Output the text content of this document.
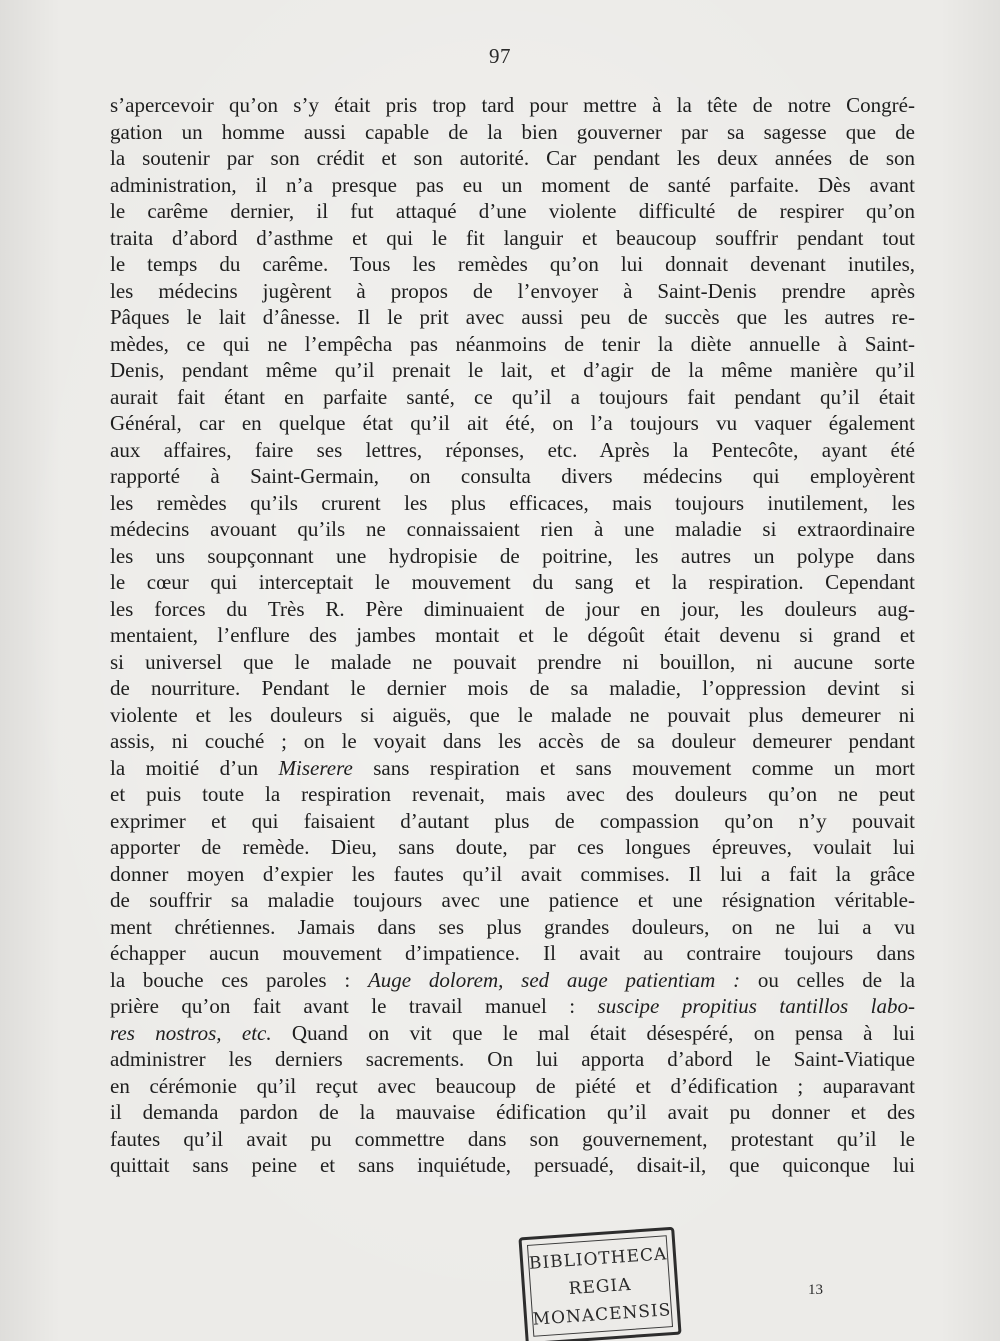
97
s’apercevoir qu’on s’y était pris trop tard pour mettre à la tête de notre Congré-
gation un homme aussi capable de la bien gouverner par sa sagesse que de
la soutenir par son crédit et son autorité. Car pendant les deux années de son
administration, il n’a presque pas eu un moment de santé parfaite. Dès avant
le carême dernier, il fut attaqué d’une violente difficulté de respirer qu’on
traita d’abord d’asthme et qui le fit languir et beaucoup souffrir pendant tout
le temps du carême. Tous les remèdes qu’on lui donnait devenant inutiles,
les médecins jugèrent à propos de l’envoyer à Saint-Denis prendre après
Pâques le lait d’ânesse. Il le prit avec aussi peu de succès que les autres re-
mèdes, ce qui ne l’empêcha pas néanmoins de tenir la diète annuelle à Saint-
Denis, pendant même qu’il prenait le lait, et d’agir de la même manière qu’il
aurait fait étant en parfaite santé, ce qu’il a toujours fait pendant qu’il était
Général, car en quelque état qu’il ait été, on l’a toujours vu vaquer également
aux affaires, faire ses lettres, réponses, etc. Après la Pentecôte, ayant été
rapporté à Saint-Germain, on consulta divers médecins qui employèrent
les remèdes qu’ils crurent les plus efficaces, mais toujours inutilement, les
médecins avouant qu’ils ne connaissaient rien à une maladie si extraordinaire
les uns soupçonnant une hydropisie de poitrine, les autres un polype dans
le cœur qui interceptait le mouvement du sang et la respiration. Cependant
les forces du Très R. Père diminuaient de jour en jour, les douleurs aug-
mentaient, l’enflure des jambes montait et le dégoût était devenu si grand et
si universel que le malade ne pouvait prendre ni bouillon, ni aucune sorte
de nourriture. Pendant le dernier mois de sa maladie, l’oppression devint si
violente et les douleurs si aiguës, que le malade ne pouvait plus demeurer ni
assis, ni couché ; on le voyait dans les accès de sa douleur demeurer pendant
la moitié d’un Miserere sans respiration et sans mouvement comme un mort
et puis toute la respiration revenait, mais avec des douleurs qu’on ne peut
exprimer et qui faisaient d’autant plus de compassion qu’on n’y pouvait
apporter de remède. Dieu, sans doute, par ces longues épreuves, voulait lui
donner moyen d’expier les fautes qu’il avait commises. Il lui a fait la grâce
de souffrir sa maladie toujours avec une patience et une résignation véritable-
ment chrétiennes. Jamais dans ses plus grandes douleurs, on ne lui a vu
échapper aucun mouvement d’impatience. Il avait au contraire toujours dans
la bouche ces paroles : Auge dolorem, sed auge patientiam : ou celles de la
prière qu’on fait avant le travail manuel : suscipe propitius tantillos labo-
res nostros, etc. Quand on vit que le mal était désespéré, on pensa à lui
administrer les derniers sacrements. On lui apporta d’abord le Saint-Viatique
en cérémonie qu’il reçut avec beaucoup de piété et d’édification ; auparavant
il demanda pardon de la mauvaise édification qu’il avait pu donner et des
fautes qu’il avait pu commettre dans son gouvernement, protestant qu’il le
quittait sans peine et sans inquiétude, persuadé, disait-il, que quiconque lui
13
BIBLIOTHECA
REGIA
MONACENSIS
